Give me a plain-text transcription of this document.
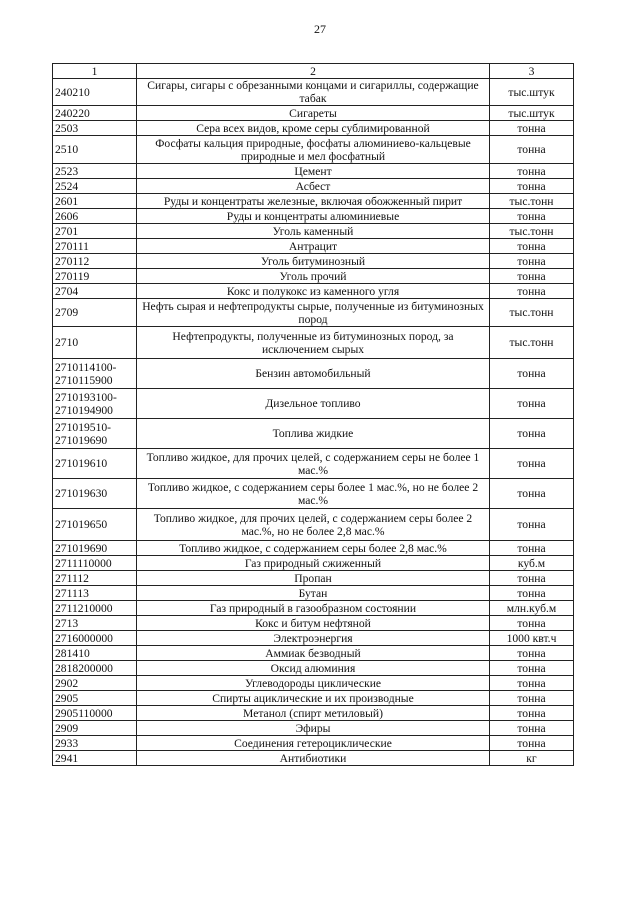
27
1	2	3
240210	Сигары, сигары с обрезанными концами и сигариллы, содержащие табак	тыс.штук
240220	Сигареты	тыс.штук
2503	Сера всех видов, кроме серы сублимированной	тонна
2510	Фосфаты кальция природные, фосфаты алюминиево-кальцевые природные и мел фосфатный	тонна
2523	Цемент	тонна
2524	Асбест	тонна
2601	Руды и концентраты железные, включая обожженный пирит	тыс.тонн
2606	Руды и концентраты алюминиевые	тонна
2701	Уголь каменный	тыс.тонн
270111	Антрацит	тонна
270112	Уголь битуминозный	тонна
270119	Уголь прочий	тонна
2704	Кокс и полукокс из каменного угля	тонна
2709	Нефть сырая и нефтепродукты сырые, полученные из битуминозных пород	тыс.тонн
2710	Нефтепродукты, полученные из битуминозных пород, за исключением сырых	тыс.тонн
2710114100-2710115900	Бензин автомобильный	тонна
2710193100-2710194900	Дизельное топливо	тонна
271019510-271019690	Топлива жидкие	тонна
271019610	Топливо жидкое, для прочих целей, с содержанием серы не более 1 мас.%	тонна
271019630	Топливо жидкое, с содержанием серы более 1 мас.%, но не более 2 мас.%	тонна
271019650	Топливо жидкое, для прочих целей, с содержанием серы более 2 мас.%, но не более 2,8 мас.%	тонна
271019690	Топливо жидкое, с содержанием серы более 2,8 мас.%	тонна
2711110000	Газ природный сжиженный	куб.м
271112	Пропан	тонна
271113	Бутан	тонна
2711210000	Газ природный в газообразном состоянии	млн.куб.м
2713	Кокс и битум нефтяной	тонна
2716000000	Электроэнергия	1000 квт.ч
281410	Аммиак безводный	тонна
2818200000	Оксид алюминия	тонна
2902	Углеводороды циклические	тонна
2905	Спирты ациклические и их производные	тонна
2905110000	Метанол (спирт метиловый)	тонна
2909	Эфиры	тонна
2933	Соединения гетероциклические	тонна
2941	Антибиотики	кг
